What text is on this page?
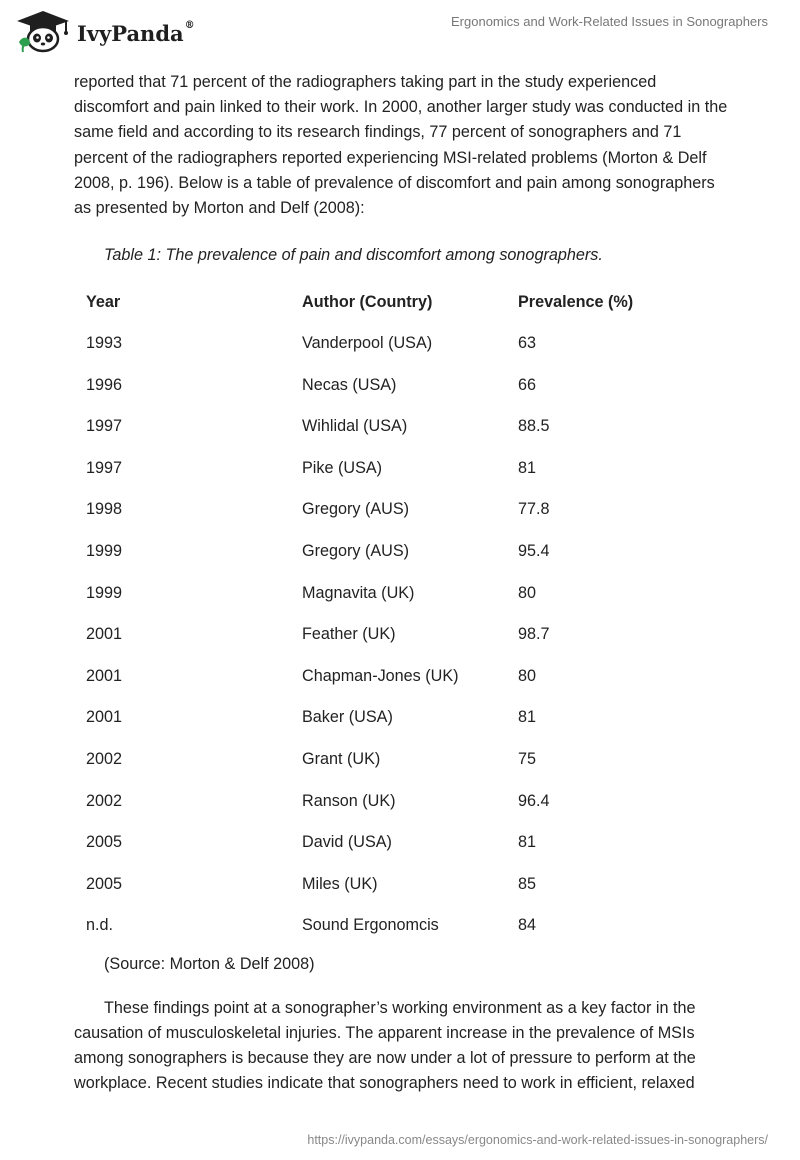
IvyPanda®	Ergonomics and Work-Related Issues in Sonographers

reported that 71 percent of the radiographers taking part in the study experienced discomfort and pain linked to their work. In 2000, another larger study was conducted in the same field and according to its research findings, 77 percent of sonographers and 71 percent of the radiographers reported experiencing MSI-related problems (Morton & Delf 2008, p. 196). Below is a table of prevalence of discomfort and pain among sonographers as presented by Morton and Delf (2008):

Table 1: The prevalence of pain and discomfort among sonographers.
Year	Author (Country)	Prevalence (%)
1993	Vanderpool (USA)	63
1996	Necas (USA)	66
1997	Wihlidal (USA)	88.5
1997	Pike (USA)	81
1998	Gregory (AUS)	77.8
1999	Gregory (AUS)	95.4
1999	Magnavita (UK)	80
2001	Feather (UK)	98.7
2001	Chapman-Jones (UK)	80
2001	Baker (USA)	81
2002	Grant (UK)	75
2002	Ranson (UK)	96.4
2005	David (USA)	81
2005	Miles (UK)	85
n.d.	Sound Ergonomcis	84
(Source: Morton & Delf 2008)

These findings point at a sonographer’s working environment as a key factor in the causation of musculoskeletal injuries. The apparent increase in the prevalence of MSIs among sonographers is because they are now under a lot of pressure to perform at the workplace. Recent studies indicate that sonographers need to work in efficient, relaxed

https://ivypanda.com/essays/ergonomics-and-work-related-issues-in-sonographers/
